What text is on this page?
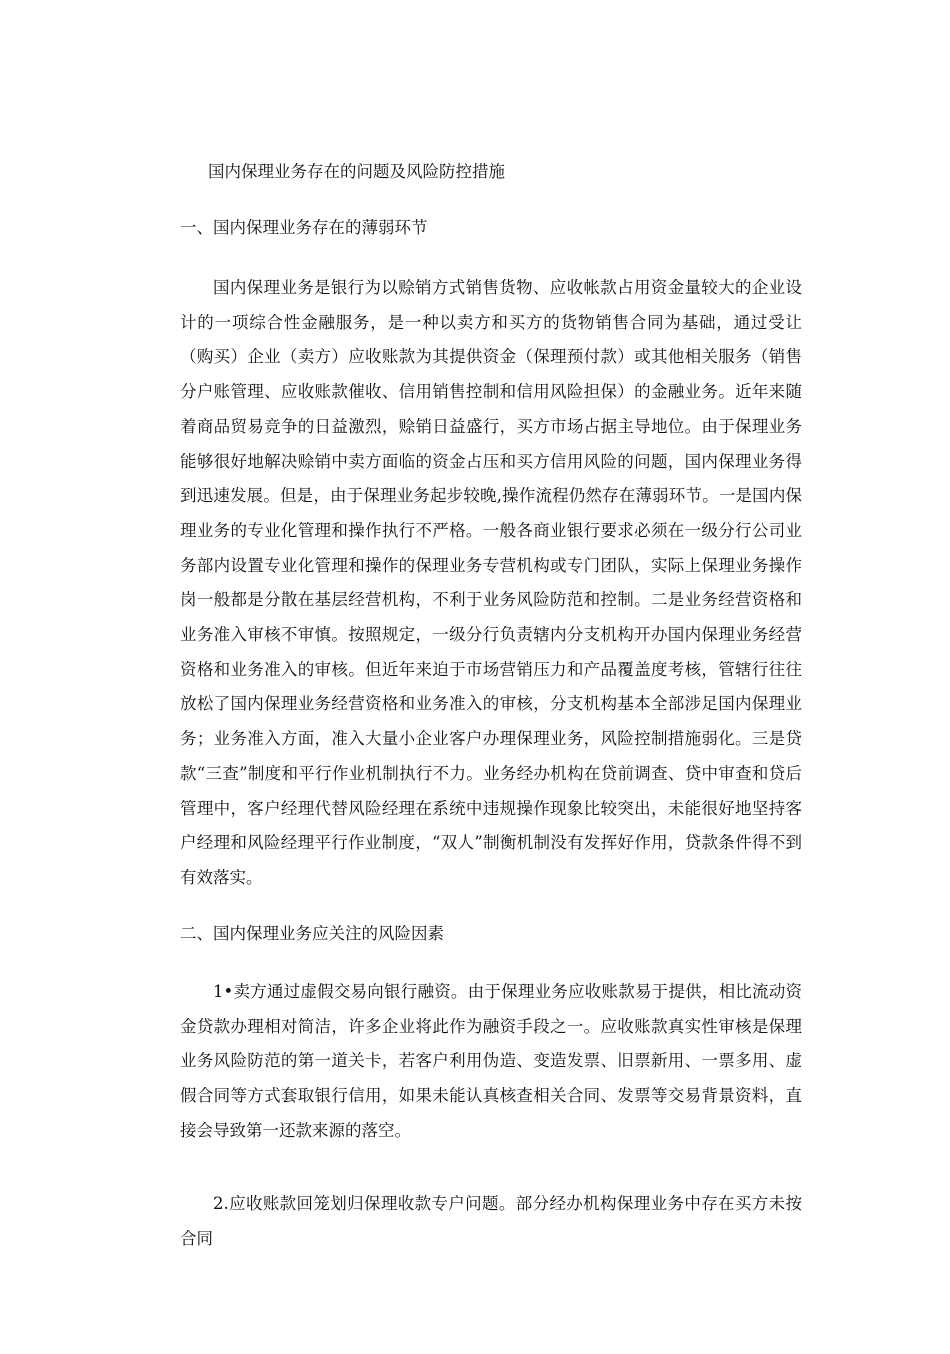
国内保理业务存在的问题及风险防控措施
一、国内保理业务存在的薄弱环节

国内保理业务是银行为以赊销方式销售货物、应收帐款占用资金量较大的企业设计的一项综合性金融服务，是一种以卖方和买方的货物销售合同为基础，通过受让（购买）企业（卖方）应收账款为其提供资金（保理预付款）或其他相关服务（销售分户账管理、应收账款催收、信用销售控制和信用风险担保）的金融业务。近年来随着商品贸易竞争的日益激烈，赊销日益盛行，买方市场占据主导地位。由于保理业务能够很好地解决赊销中卖方面临的资金占压和买方信用风险的问题，国内保理业务得到迅速发展。但是，由于保理业务起步较晚,操作流程仍然存在薄弱环节。一是国内保理业务的专业化管理和操作执行不严格。一般各商业银行要求必须在一级分行公司业务部内设置专业化管理和操作的保理业务专营机构或专门团队，实际上保理业务操作岗一般都是分散在基层经营机构，不利于业务风险防范和控制。二是业务经营资格和业务准入审核不审慎。按照规定，一级分行负责辖内分支机构开办国内保理业务经营资格和业务准入的审核。但近年来迫于市场营销压力和产品覆盖度考核，管辖行往往放松了国内保理业务经营资格和业务准入的审核，分支机构基本全部涉足国内保理业务；业务准入方面，准入大量小企业客户办理保理业务，风险控制措施弱化。三是贷款“三查”制度和平行作业机制执行不力。业务经办机构在贷前调查、贷中审查和贷后管理中，客户经理代替风险经理在系统中违规操作现象比较突出，未能很好地坚持客户经理和风险经理平行作业制度，“双人”制衡机制没有发挥好作用，贷款条件得不到有效落实。

二、国内保理业务应关注的风险因素

1•卖方通过虚假交易向银行融资。由于保理业务应收账款易于提供，相比流动资金贷款办理相对简洁，许多企业将此作为融资手段之一。应收账款真实性审核是保理业务风险防范的第一道关卡，若客户利用伪造、变造发票、旧票新用、一票多用、虚假合同等方式套取银行信用，如果未能认真核查相关合同、发票等交易背景资料，直接会导致第一还款来源的落空。

2.应收账款回笼划归保理收款专户问题。部分经办机构保理业务中存在买方未按合同
